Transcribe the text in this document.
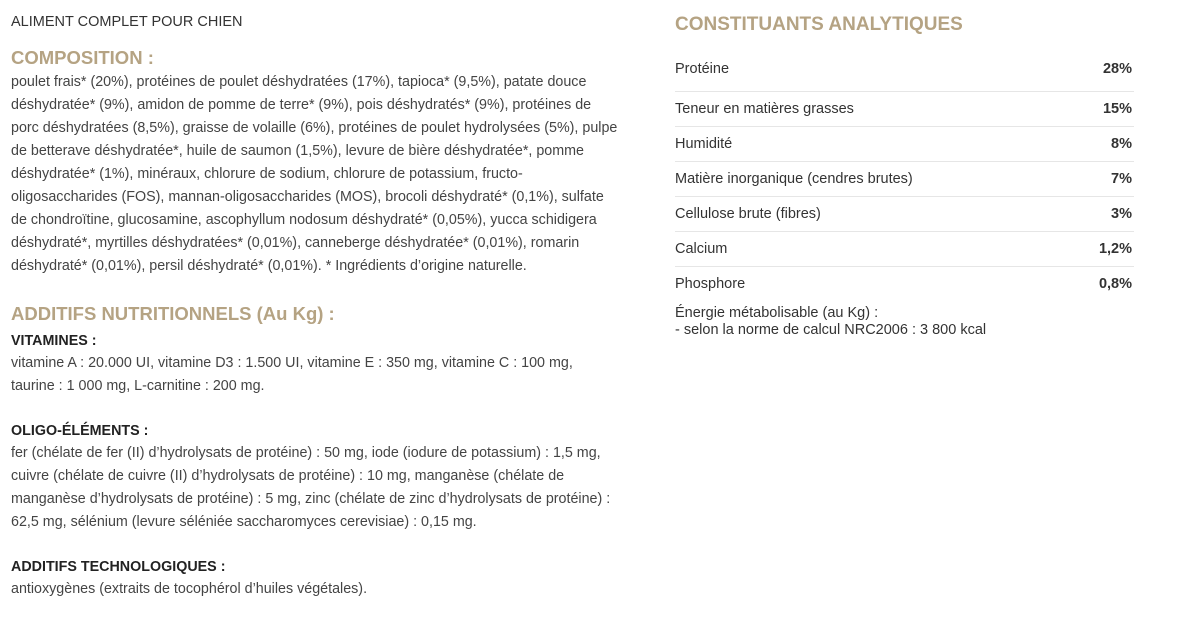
ALIMENT COMPLET POUR CHIEN

COMPOSITION :
poulet frais* (20%), protéines de poulet déshydratées (17%), tapioca* (9,5%), patate douce
déshydratée* (9%), amidon de pomme de terre* (9%), pois déshydratés* (9%), protéines de
porc déshydratées (8,5%), graisse de volaille (6%), protéines de poulet hydrolysées (5%), pulpe
de betterave déshydratée*, huile de saumon (1,5%), levure de bière déshydratée*, pomme
déshydratée* (1%), minéraux, chlorure de sodium, chlorure de potassium, fructo-
oligosaccharides (FOS), mannan-oligosaccharides (MOS), brocoli déshydraté* (0,1%), sulfate
de chondroïtine, glucosamine, ascophyllum nodosum déshydraté* (0,05%), yucca schidigera
déshydraté*, myrtilles déshydratées* (0,01%), canneberge déshydratée* (0,01%), romarin
déshydraté* (0,01%), persil déshydraté* (0,01%). * Ingrédients d’origine naturelle.
ADDITIFS NUTRITIONNELS (Au Kg) :

VITAMINES :

vitamine A : 20.000 UI, vitamine D3 : 1.500 UI, vitamine E : 350 mg, vitamine C : 100 mg,
taurine : 1 000 mg, L-carnitine : 200 mg.

OLIGO-ÉLÉMENTS :

fer (chélate de fer (II) d’hydrolysats de protéine) : 50 mg, iode (iodure de potassium) : 1,5 mg,
cuivre (chélate de cuivre (II) d’hydrolysats de protéine) : 10 mg, manganèse (chélate de
manganèse d’hydrolysats de protéine) : 5 mg, zinc (chélate de zinc d’hydrolysats de protéine) :
62,5 mg, sélénium (levure séléniée saccharomyces cerevisiae) : 0,15 mg.

ADDITIFS TECHNOLOGIQUES :

antioxygènes (extraits de tocophérol d’huiles végétales).
CONSTITUANTS ANALYTIQUES
Protéine	28%
Teneur en matières grasses	15%
Humidité	8%
Matière inorganique (cendres brutes)	7%
Cellulose brute (fibres)	3%
Calcium	1,2%
Phosphore	0,8%
Énergie métabolisable (au Kg) :
- selon la norme de calcul NRC2006 : 3 800 kcal
